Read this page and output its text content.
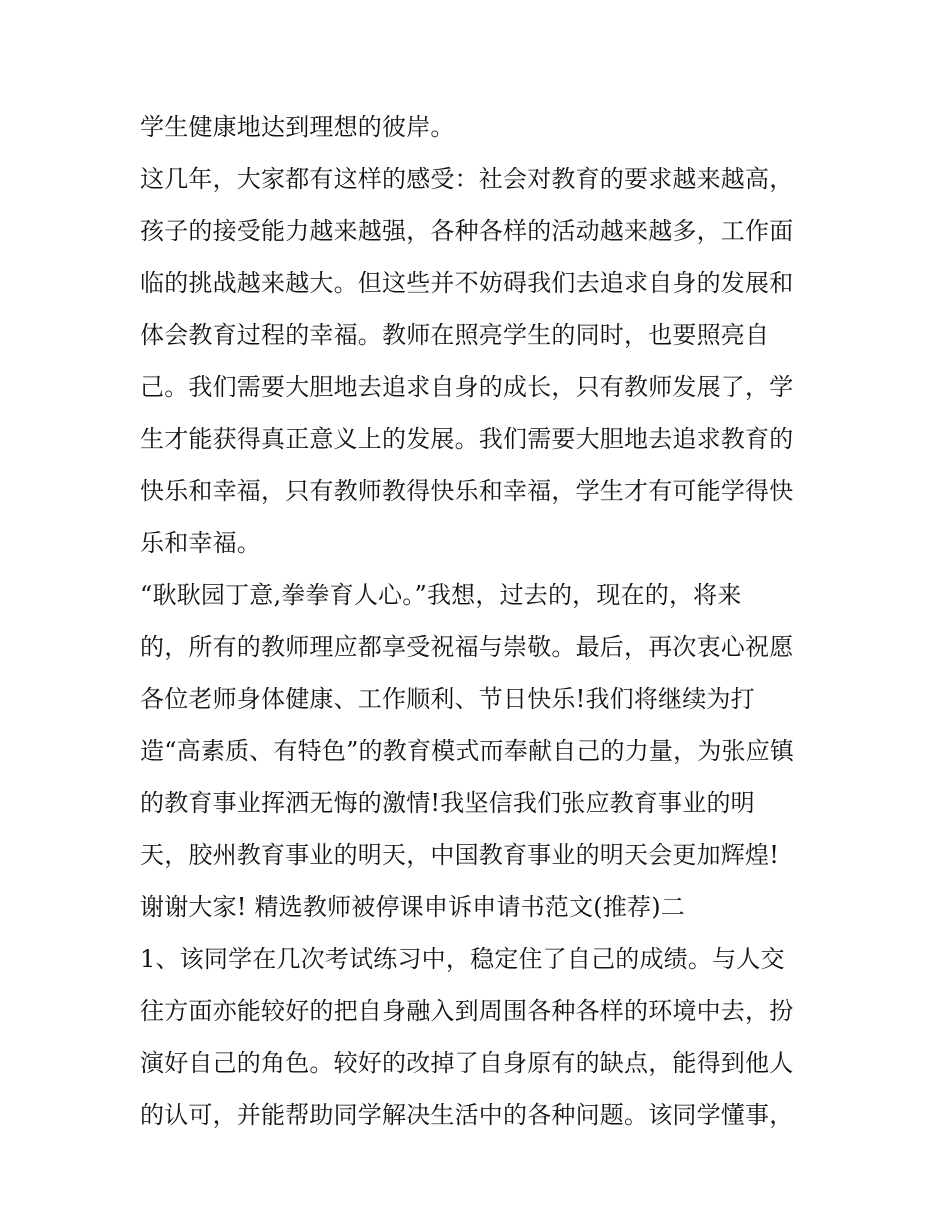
学生健康地达到理想的彼岸。
这几年，大家都有这样的感受：社会对教育的要求越来越高，
孩子的接受能力越来越强，各种各样的活动越来越多，工作面
临的挑战越来越大。但这些并不妨碍我们去追求自身的发展和
体会教育过程的幸福。教师在照亮学生的同时，也要照亮自
己。我们需要大胆地去追求自身的成长，只有教师发展了，学
生才能获得真正意义上的发展。我们需要大胆地去追求教育的
快乐和幸福，只有教师教得快乐和幸福，学生才有可能学得快
乐和幸福。
“耿耿园丁意,拳拳育人心。”我想，过去的，现在的，将来
的，所有的教师理应都享受祝福与崇敬。最后，再次衷心祝愿
各位老师身体健康、工作顺利、节日快乐!我们将继续为打
造“高素质、有特色”的教育模式而奉献自己的力量，为张应镇
的教育事业挥洒无悔的激情!我坚信我们张应教育事业的明
天，胶州教育事业的明天，中国教育事业的明天会更加辉煌!
谢谢大家! 精选教师被停课申诉申请书范文(推荐)二
1、该同学在几次考试练习中，稳定住了自己的成绩。与人交
往方面亦能较好的把自身融入到周围各种各样的环境中去，扮
演好自己的角色。较好的改掉了自身原有的缺点，能得到他人
的认可，并能帮助同学解决生活中的各种问题。该同学懂事，
